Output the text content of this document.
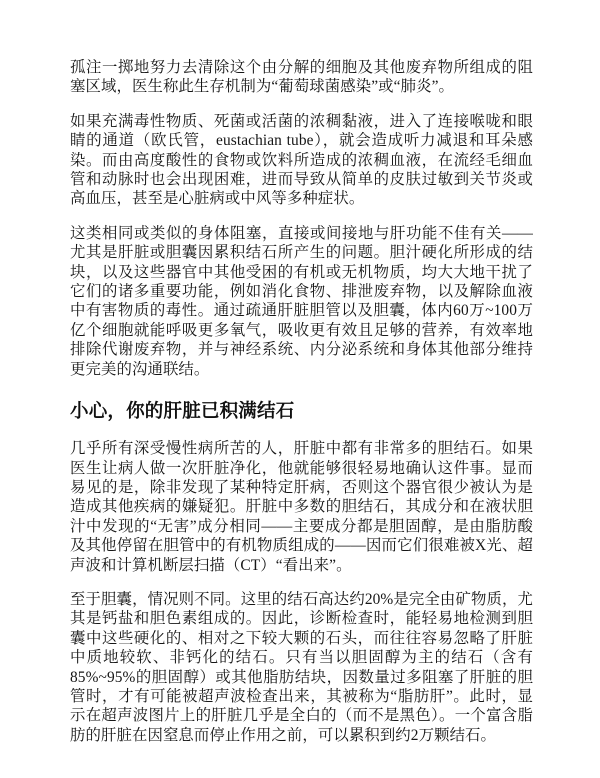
孤注一掷地努力去清除这个由分解的细胞及其他废弃物所组成的阻塞区域，医生称此生存机制为“葡萄球菌感染”或“肺炎”。

如果充满毒性物质、死菌或活菌的浓稠黏液，进入了连接喉咙和眼睛的通道（欧氏管，eustachian tube），就会造成听力减退和耳朵感染。而由高度酸性的食物或饮料所造成的浓稠血液，在流经毛细血管和动脉时也会出现困难，进而导致从简单的皮肤过敏到关节炎或高血压，甚至是心脏病或中风等多种症状。

这类相同或类似的身体阻塞，直接或间接地与肝功能不佳有关——尤其是肝脏或胆囊因累积结石所产生的问题。胆汁硬化所形成的结块，以及这些器官中其他受困的有机或无机物质，均大大地干扰了它们的诸多重要功能，例如消化食物、排泄废弃物，以及解除血液中有害物质的毒性。通过疏通肝脏胆管以及胆囊，体内60万~100万亿个细胞就能呼吸更多氧气，吸收更有效且足够的营养，有效率地排除代谢废弃物，并与神经系统、内分泌系统和身体其他部分维持更完美的沟通联结。

小心，你的肝脏已积满结石

几乎所有深受慢性病所苦的人，肝脏中都有非常多的胆结石。如果医生让病人做一次肝脏净化，他就能够很轻易地确认这件事。显而易见的是，除非发现了某种特定肝病，否则这个器官很少被认为是造成其他疾病的嫌疑犯。肝脏中多数的胆结石，其成分和在液状胆汁中发现的“无害”成分相同——主要成分都是胆固醇，是由脂肪酸及其他停留在胆管中的有机物质组成的——因而它们很难被X光、超声波和计算机断层扫描（CT）“看出来”。

至于胆囊，情况则不同。这里的结石高达约20%是完全由矿物质，尤其是钙盐和胆色素组成的。因此，诊断检查时，能轻易地检测到胆囊中这些硬化的、相对之下较大颗的石头，而往往容易忽略了肝脏中质地较软、非钙化的结石。只有当以胆固醇为主的结石（含有85%~95%的胆固醇）或其他脂肪结块，因数量过多阻塞了肝脏的胆管时，才有可能被超声波检查出来，其被称为“脂肪肝”。此时，显示在超声波图片上的肝脏几乎是全白的（而不是黑色）。一个富含脂肪的肝脏在因窒息而停止作用之前，可以累积到约2万颗结石。
